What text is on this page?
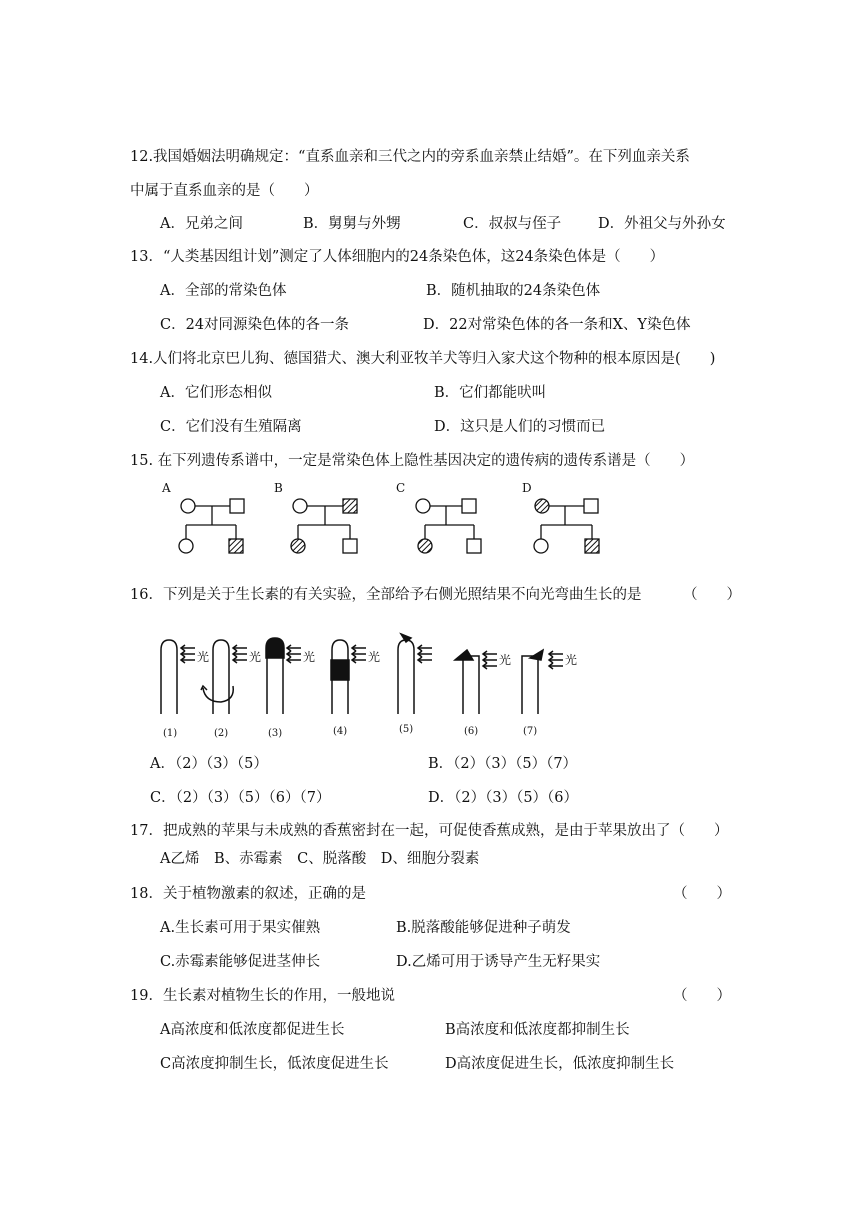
12.我国婚姻法明确规定：“直系血亲和三代之内的旁系血亲禁止结婚”。在下列血亲关系
中属于直系血亲的是（　　）
A．兄弟之间	B．舅舅与外甥	C．叔叔与侄子	D．外祖父与外孙女
13．“人类基因组计划”测定了人体细胞内的24条染色体，这24条染色体是（　　）
A．全部的常染色体	B．随机抽取的24条染色体
C．24对同源染色体的各一条	D．22对常染色体的各一条和X、Y染色体
14.人们将北京巴儿狗、德国猎犬、澳大利亚牧羊犬等归入家犬这个物种的根本原因是(　　)
A．它们形态相似	B．它们都能吠叫
C．它们没有生殖隔离	D．这只是人们的习惯而已
15. 在下列遗传系谱中，一定是常染色体上隐性基因决定的遗传病的遗传系谱是（　　）
A	B	C	D
16．下列是关于生长素的有关实验，全部给予右侧光照结果不向光弯曲生长的是	（　　）
光	光	光	光	光	光
(1)	(2)	(3)	(4)	(5)	(6)	(7)
A．（2）（3）（5）	B．（2）（3）（5）（7）
C．（2）（3）（5）（6）（7）	D．（2）（3）（5）（6）
17．把成熟的苹果与未成熟的香蕉密封在一起，可促使香蕉成熟，是由于苹果放出了（　　）
A乙烯　B、赤霉素　C、脱落酸　D、细胞分裂素
18．关于植物激素的叙述，正确的是	（　　）
A.生长素可用于果实催熟	B.脱落酸能够促进种子萌发
C.赤霉素能够促进茎伸长	D.乙烯可用于诱导产生无籽果实
19．生长素对植物生长的作用，一般地说	（　　）
A高浓度和低浓度都促进生长	B高浓度和低浓度都抑制生长
C高浓度抑制生长，低浓度促进生长	D高浓度促进生长，低浓度抑制生长
